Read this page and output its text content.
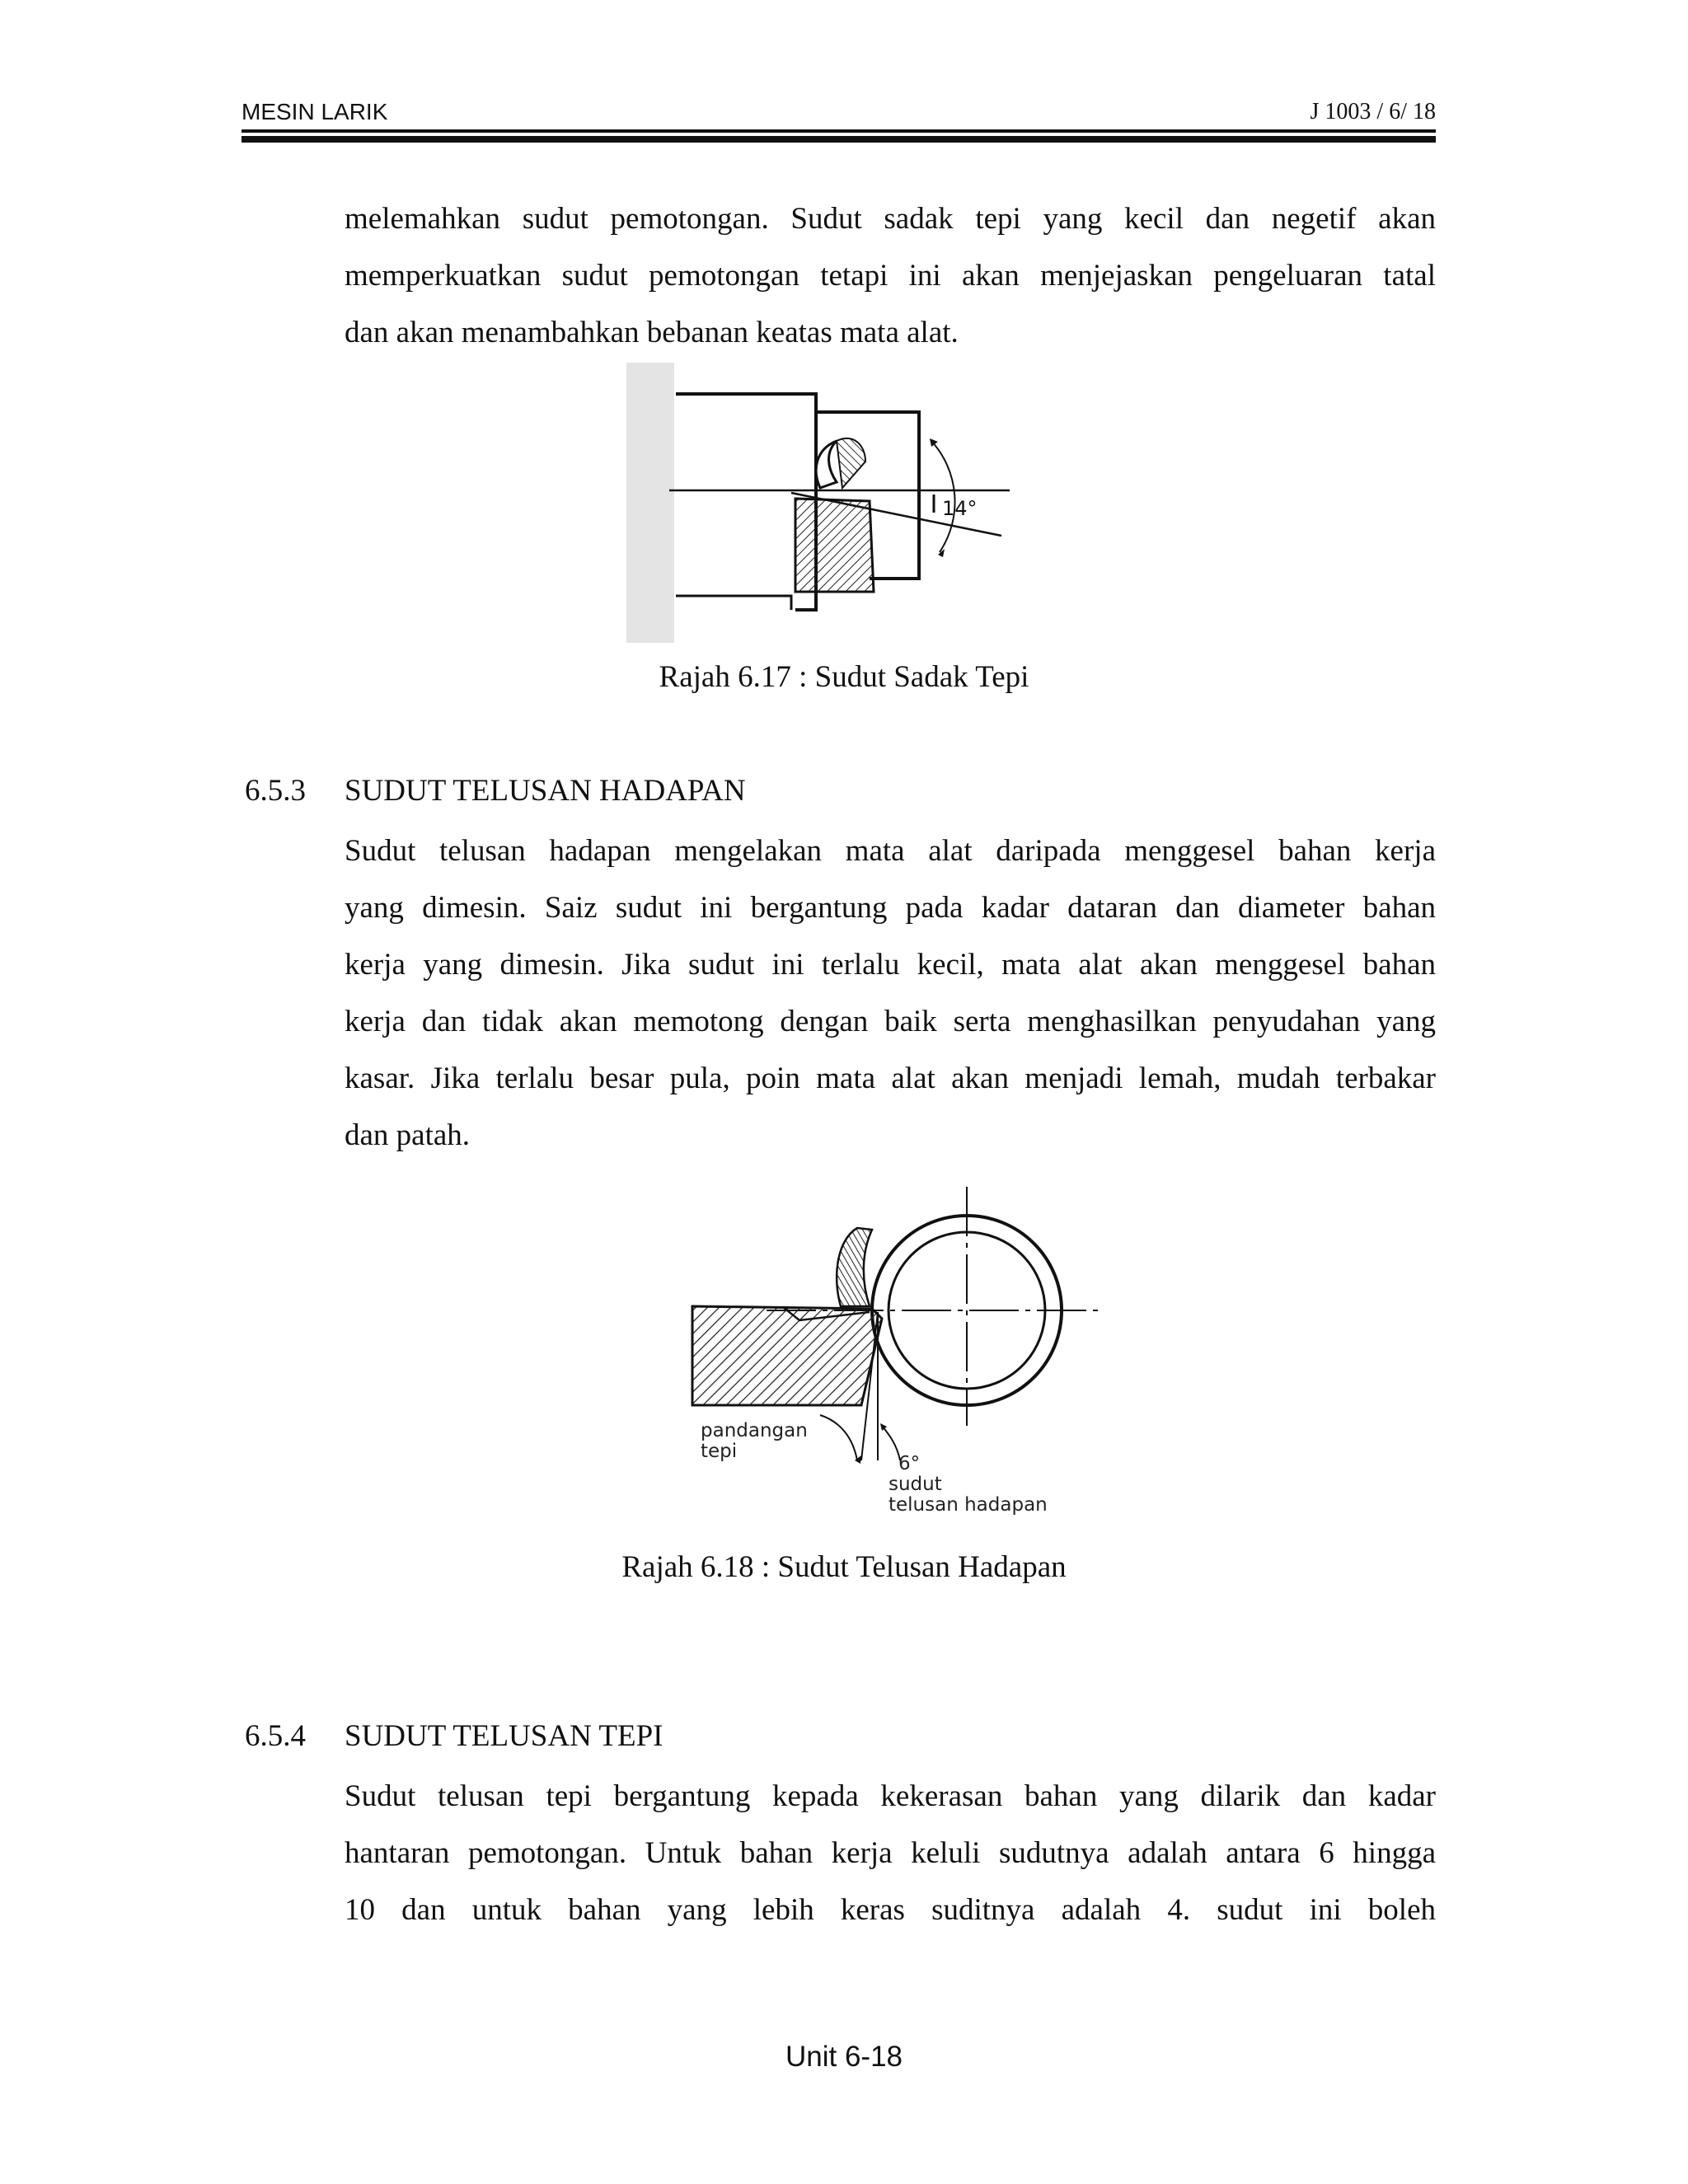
MESIN LARIK	J 1003 / 6/ 18
melemahkan sudut pemotongan. Sudut sadak tepi yang kecil dan negetif akan
memperkuatkan sudut pemotongan tetapi ini akan menjejaskan pengeluaran tatal
dan akan menambahkan bebanan keatas mata alat.
14°
Rajah 6.17 : Sudut Sadak Tepi
6.5.3 SUDUT TELUSAN HADAPAN
Sudut telusan hadapan mengelakan mata alat daripada menggesel bahan kerja
yang dimesin. Saiz sudut ini bergantung pada kadar dataran dan diameter bahan
kerja yang dimesin. Jika sudut ini terlalu kecil, mata alat akan menggesel bahan
kerja dan tidak akan memotong dengan baik serta menghasilkan penyudahan yang
kasar. Jika terlalu besar pula, poin mata alat akan menjadi lemah, mudah terbakar
dan patah.
pandangan
tepi
6°
sudut
telusan hadapan
Rajah 6.18 : Sudut Telusan Hadapan
6.5.4 SUDUT TELUSAN TEPI
Sudut telusan tepi bergantung kepada kekerasan bahan yang dilarik dan kadar
hantaran pemotongan. Untuk bahan kerja keluli sudutnya adalah antara 6 hingga
10 dan untuk bahan yang lebih keras suditnya adalah 4. sudut ini boleh
Unit 6-18
